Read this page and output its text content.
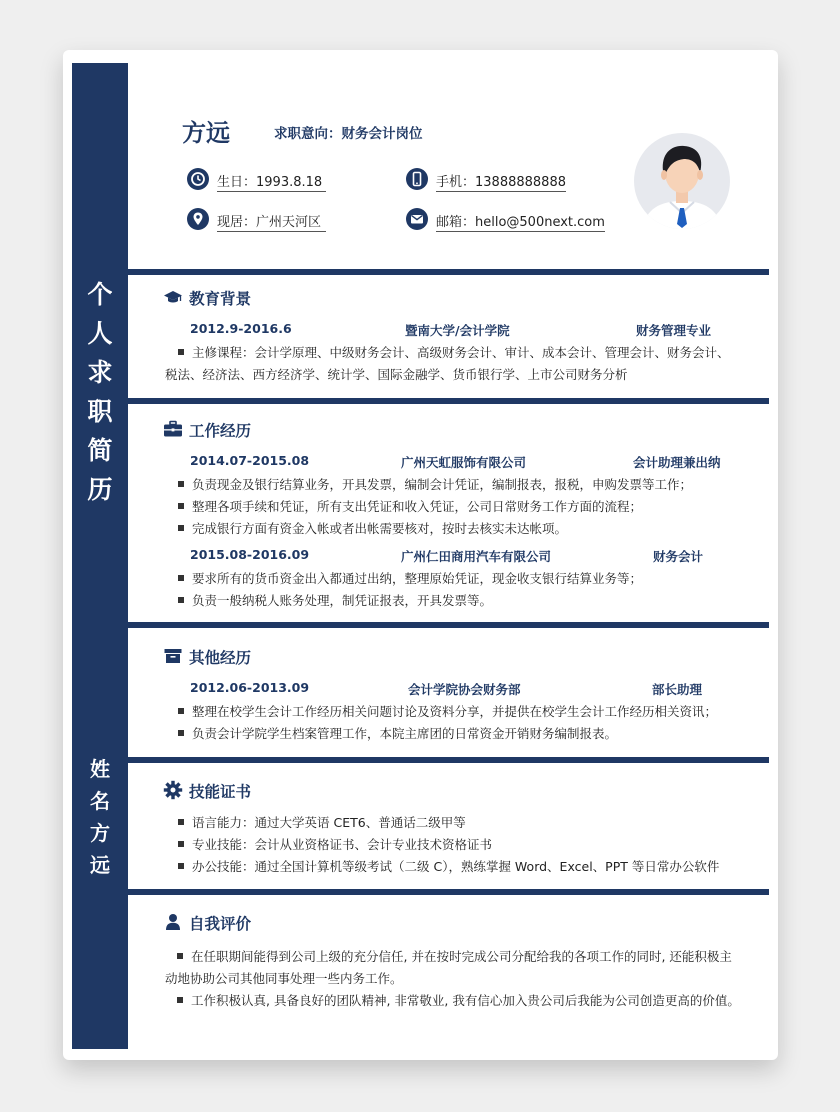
个
人
求
职
简
历
姓
名
方
远
方远	求职意向：财务会计岗位
生日：1993.8.18	手机：13888888888
现居：广州天河区	邮箱：hello@500next.com
教育背景
2012.9-2016.6	暨南大学/会计学院	财务管理专业
主修课程：会计学原理、中级财务会计、高级财务会计、审计、成本会计、管理会计、财务会计、
税法、经济法、西方经济学、统计学、国际金融学、货币银行学、上市公司财务分析
工作经历
2014.07-2015.08	广州天虹服饰有限公司	会计助理兼出纳
负责现金及银行结算业务，开具发票，编制会计凭证，编制报表，报税，申购发票等工作；
整理各项手续和凭证，所有支出凭证和收入凭证，公司日常财务工作方面的流程；
完成银行方面有资金入帐或者出帐需要核对，按时去核实未达帐项。
2015.08-2016.09	广州仁田商用汽车有限公司	财务会计
要求所有的货币资金出入都通过出纳，整理原始凭证，现金收支银行结算业务等；
负责一般纳税人账务处理，制凭证报表，开具发票等。
其他经历
2012.06-2013.09	会计学院协会财务部	部长助理
整理在校学生会计工作经历相关问题讨论及资料分享，并提供在校学生会计工作经历相关资讯；
负责会计学院学生档案管理工作，本院主席团的日常资金开销财务编制报表。
技能证书
语言能力：通过大学英语 CET6、普通话二级甲等
专业技能：会计从业资格证书、会计专业技术资格证书
办公技能：通过全国计算机等级考试（二级 C），熟练掌握 Word、Excel、PPT 等日常办公软件
自我评价
在任职期间能得到公司上级的充分信任, 并在按时完成公司分配给我的各项工作的同时, 还能积极主
动地协助公司其他同事处理一些内务工作。
工作积极认真, 具备良好的团队精神, 非常敬业, 我有信心加入贵公司后我能为公司创造更高的价值。
